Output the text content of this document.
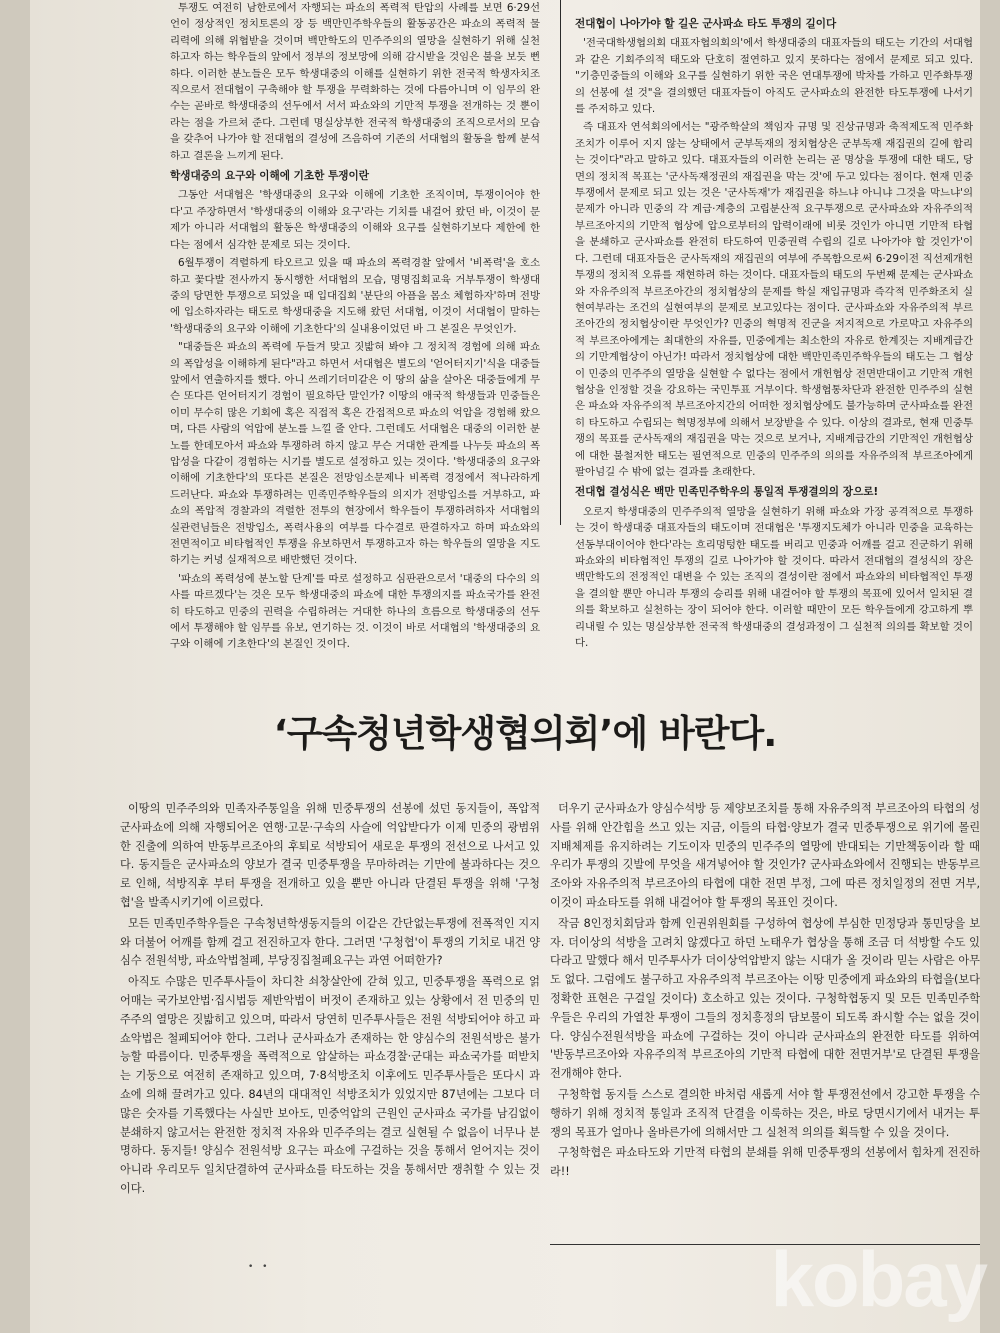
투쟁도 여전히 남한로에서 자행되는 파쇼의 폭력적 탄압의 사례를 보면 6·29선언이 정상적인 정치토론의 장 등 백만민주학우들의 활동공간은 파쇼의 폭력적 물리력에 의해 위협받을 것이며 백만학도의 민주주의의 열망을 실현하기 위해 실천하고자 하는 학우들의 앞에서 정부의 정보망에 의해 감시받을 것임은 불을 보듯 뻔하다. 이러한 분노들은 모두 학생대중의 이해를 실현하기 위한 전국적 학생자치조직으로서 전대협이 구축해야 할 투쟁을 무력화하는 것에 다름아니며 이 임무의 완수는 곧바로 학생대중의 선두에서 서서 파쇼와의 기만적 투쟁을 전개하는 것 뿐이라는 점을 가르쳐 준다. 그런데 명실상부한 전국적 학생대중의 조직으로서의 모습을 갖추어 나가야 할 전대협의 결성에 즈음하여 기존의 서대협의 활동을 함께 분석하고 결론을 느끼게 된다.

학생대중의 요구와 이해에 기초한 투쟁이란

그동안 서대협은 '학생대중의 요구와 이해에 기초한 조직이며, 투쟁이어야 한다'고 주장하면서 '학생대중의 이해와 요구'라는 기치를 내걸어 왔던 바, 이것이 문제가 아니라 서대협의 활동은 학생대중의 이해와 요구를 실현하기보다 제한에 한다는 점에서 심각한 문제로 되는 것이다.

6월투쟁이 격렬하게 타오르고 있을 때 파쇼의 폭력경찰 앞에서 '비폭력'을 호소하고 꽃다발 전사까지 동시행한 서대협의 모습, 명명집회교육 거부투쟁이 학생대중의 당면한 투쟁으로 되었을 때 입대집회 '분단의 아픔을 몸소 체험하자'하며 전방에 입소하자라는 태도로 학생대중을 지도해 왔던 서대협, 이것이 서대협이 말하는 '학생대중의 요구와 이해에 기초한다'의 실내용이었던 바 그 본질은 무엇인가.

"대중들은 파쇼의 폭력에 두들겨 맞고 짓밟혀 봐야 그 정치적 경험에 의해 파쇼의 폭압성을 이해하게 된다"라고 하면서 서대협은 별도의 '얻어터지기'식을 대중들 앞에서 연출하지를 했다. 아니 쓰레기더미같은 이 땅의 삶을 살아온 대중들에게 무슨 또다른 얻어터지기 경험이 필요하단 말인가? 이땅의 애국적 학생들과 민중들은 이미 무수히 많은 기회에 혹은 직접적 혹은 간접적으로 파쇼의 억압을 경험해 왔으며, 다른 사람의 억압에 분노를 느낄 줄 안다. 그런데도 서대협은 대중의 이러한 분노를 한데모아서 파쇼와 투쟁하려 하지 않고 무슨 거대한 관계를 나누듯 파쇼의 폭압성을 다같이 경험하는 시기를 별도로 설정하고 있는 것이다. '학생대중의 요구와 이해에 기초한다'의 또다른 본질은 전망임소문제나 비폭력 경정에서 적나라하게 드러난다. 파쇼와 투쟁하려는 민족민주학우들의 의지가 전방입소를 거부하고, 파쇼의 폭압적 경찰과의 격렬한 전투의 현장에서 학우들이 투쟁하려하자 서대협의 실관련님들은 전방입소, 폭력사용의 여부를 다수결로 판결하자고 하며 파쇼와의 전면적이고 비타협적인 투쟁을 유보하면서 투쟁하고자 하는 학우들의 열망을 지도하기는 커녕 실재적으로 배반했던 것이다.

'파쇼의 폭력성에 분노할 단계'를 따로 설정하고 심판관으로서 '대중의 다수의 의사를 따르겠다'는 것은 모두 학생대중의 파쇼에 대한 투쟁의지를 파쇼국가를 완전히 타도하고 민중의 권력을 수립하려는 거대한 하나의 흐름으로 학생대중의 선두에서 투쟁해야 할 임무를 유보, 연기하는 것. 이것이 바로 서대협의 '학생대중의 요구와 이해에 기초한다'의 본질인 것이다.

전대협이 나아가야 할 길은 군사파쇼 타도 투쟁의 길이다

'전국대학생협의회 대표자협의회의'에서 학생대중의 대표자들의 태도는 기간의 서대협과 같은 기회주의적 태도와 단호히 절연하고 있지 못하다는 점에서 문제로 되고 있다. "기층민중들의 이해와 요구를 실현하기 위한 국은 연대투쟁에 박차를 가하고 민주화투쟁의 선봉에 설 것"을 결의했던 대표자들이 아직도 군사파쇼의 완전한 타도투쟁에 나서기를 주저하고 있다.

즉 대표자 연석회의에서는 "광주학살의 책임자 규명 및 진상규명과 축적제도적 민주화조치가 이루어 지지 않는 상태에서 군부독재의 정치협상은 군부독재 재집권의 길에 합리는 것이다"라고 말하고 있다. 대표자들의 이러한 논리는 곧 명상을 투쟁에 대한 태도, 당면의 정치적 목표는 '군사독재정권의 재집권을 막는 것'에 두고 있다는 점이다. 현재 민중투쟁에서 문제로 되고 있는 것은 '군사독재'가 재집권을 하느냐 아니냐 그것을 막느냐'의 문제가 아니라 민중의 각 계급·계층의 고립분산적 요구투쟁으로 군사파쇼와 자유주의적 부르조아지의 기만적 협상에 압으로부터의 압력이래에 비롯 것인가 아니면 기만적 타협을 분쇄하고 군사파쇼를 완전히 타도하여 민중권력 수립의 길로 나아가야 할 것인가'이다. 그런데 대표자들은 군사독재의 재집권의 여부에 주목함으로써 6·29이전 직선제개헌투쟁의 정치적 오류를 재현하려 하는 것이다. 대표자들의 태도의 두번째 문제는 군사파쇼와 자유주의적 부르조아간의 정치협상의 문제를 학실 재입규명과 즉각적 민주화조치 실현여부라는 조건의 실현여부의 문제로 보고있다는 점이다. 군사파쇼와 자유주의적 부르조아간의 정치협상이란 무엇인가? 민중의 혁명적 진군을 저지적으로 가로막고 자유주의적 부르조아에게는 최대한의 자유를, 민중에게는 최소한의 자유로 한계짓는 지배계급간의 기만계협상이 아닌가! 따라서 정치협상에 대한 백만민족민주학우들의 태도는 그 협상이 민중의 민주주의 열망을 실현할 수 없다는 점에서 개헌협상 전면반대이고 기만적 개헌협상을 인정할 것을 강요하는 국민투표 거부이다. 학생협통차단과 완전한 민주주의 실현은 파쇼와 자유주의적 부르조아지간의 어떠한 정치협상에도 불가능하며 군사파쇼를 완전히 타도하고 수립되는 혁명정부에 의해서 보장받을 수 있다. 이상의 결과로, 현재 민중투쟁의 목표를 군사독재의 재집권을 막는 것으로 보거나, 지배계급간의 기만적인 개헌협상에 대한 불철저한 태도는 필연적으로 민중의 민주주의 의의를 자유주의적 부르조아에게 팔아넘길 수 밖에 없는 결과를 초래한다.

전대협 결성식은 백만 민족민주학우의 통일적 투쟁결의의 장으로!

오로지 학생대중의 민주주의적 열망을 실현하기 위해 파쇼와 가장 공격적으로 투쟁하는 것이 학생대중 대표자들의 태도이며 전대협은 '투쟁지도체가 아니라 민중을 교육하는 선동부대이어야 한다'라는 흐리멍텅한 태도를 버리고 민중과 어깨를 걸고 진군하기 위해 파쇼와의 비타협적인 투쟁의 길로 나아가야 할 것이다. 따라서 전대협의 결성식의 장은 백만학도의 전정적인 대변을 수 있는 조직의 결성이란 점에서 파쇼와의 비타협적인 투쟁을 결의할 뿐만 아니라 투쟁의 승리를 위해 내걸어야 할 투쟁의 목표에 있어서 일치된 결의를 확보하고 실천하는 장이 되어야 한다. 이러할 때만이 모든 학우들에게 강고하게 뿌리내릴 수 있는 명실상부한 전국적 학생대중의 결성과정이 그 실천적 의의를 확보할 것이다.

‘구속청년학생협의회’에 바란다.

이땅의 민주주의와 민족자주통일을 위해 민중투쟁의 선봉에 섰던 동지들이, 폭압적 군사파쇼에 의해 자행되어온 연행·고문·구속의 사슬에 억압받다가 이제 민중의 광범위한 진출에 의하여 반동부르조아의 후퇴로 석방되어 새로운 투쟁의 전선으로 나서고 있다. 동지들은 군사파쇼의 양보가 결국 민중투쟁을 무마하려는 기만에 불과하다는 것으로 인해, 석방직후 부터 투쟁을 전개하고 있을 뿐만 아니라 단결된 투쟁을 위해 '구청협'을 발족시키기에 이르렀다.

모든 민족민주학우들은 구속청년학생동지들의 이같은 간단없는투쟁에 전폭적인 지지와 더불어 어깨를 함께 걸고 전진하고자 한다. 그러면 '구청협'이 투쟁의 기치로 내건 양심수 전원석방, 파쇼악법철폐, 부당징집철폐요구는 과연 어떠한가?

아직도 수많은 민주투사들이 차디찬 쇠창살안에 갇혀 있고, 민중투쟁을 폭력으로 얽어매는 국가보안법·집시법등 제반악법이 버젓이 존재하고 있는 상황에서 전 민중의 민주주의 열망은 짓밟히고 있으며, 따라서 당연히 민주투사들은 전원 석방되어야 하고 파쇼악법은 철폐되어야 한다. 그러나 군사파쇼가 존재하는 한 양심수의 전원석방은 불가능할 따름이다. 민중투쟁을 폭력적으로 압살하는 파쇼경찰·군대는 파쇼국가를 떠받치는 기둥으로 여전히 존재하고 있으며, 7·8석방조치 이후에도 민주투사들은 또다시 과쇼에 의해 끌려가고 있다. 84년의 대대적인 석방조치가 있었지만 87년에는 그보다 더많은 숫자를 기록했다는 사실만 보아도, 민중억압의 근원인 군사파쇼 국가를 남김없이 분쇄하지 않고서는 완전한 정치적 자유와 민주주의는 결코 실현될 수 없음이 너무나 분명하다. 동지들! 양심수 전원석방 요구는 파쇼에 구걸하는 것을 통해서 얻어지는 것이 아니라 우리모두 일치단결하여 군사파쇼를 타도하는 것을 통해서만 쟁취할 수 있는 것이다.

더우기 군사파쇼가 양심수석방 등 제양보조치를 통해 자유주의적 부르조아의 타협의 성사를 위해 안간힘을 쓰고 있는 지금, 이들의 타협·양보가 결국 민중투쟁으로 위기에 몰린 지배체제를 유지하려는 기도이자 민중의 민주주의 열망에 반대되는 기만책동이라 할 때 우리가 투쟁의 깃발에 무엇을 새겨넣어야 할 것인가? 군사파쇼와에서 진행되는 반동부르조아와 자유주의적 부르조아의 타협에 대한 전면 부정, 그에 따른 정치일정의 전면 거부, 이것이 파쇼타도를 위해 내걸어야 할 투쟁의 목표인 것이다.

작금 8인정치회담과 함께 인권위원회를 구성하여 협상에 부심한 민정당과 통민당을 보자. 더이상의 석방을 고려치 않겠다고 하던 노태우가 협상을 통해 조금 더 석방할 수도 있다라고 말했다 해서 민주투사가 더이상억압받지 않는 시대가 올 것이라 믿는 사람은 아무도 없다. 그럼에도 불구하고 자유주의적 부르조아는 이땅 민중에게 파쇼와의 타협을(보다 정확한 표현은 구걸일 것이다) 호소하고 있는 것이다. 구청학협동지 및 모든 민족민주학우들은 우리의 가열찬 투쟁이 그들의 정치흥정의 담보물이 되도록 좌시할 수는 없을 것이다. 양심수전원석방을 파쇼에 구걸하는 것이 아니라 군사파쇼의 완전한 타도를 위하여 '반동부르조아와 자유주의적 부르조아의 기만적 타협에 대한 전면거부'로 단결된 투쟁을 전개해야 한다.

구청학협 동지들 스스로 결의한 바처럼 새롭게 서야 할 투쟁전선에서 강고한 투쟁을 수행하기 위해 정치적 통일과 조직적 단결을 이룩하는 것은, 바로 당면시기에서 내거는 투쟁의 목표가 얼마나 올바른가에 의해서만 그 실천적 의의를 획득할 수 있을 것이다.

구청학협은 파쇼타도와 기만적 타협의 분쇄를 위해 민중투쟁의 선봉에서 힘차게 전진하라!!

• •	kobay
